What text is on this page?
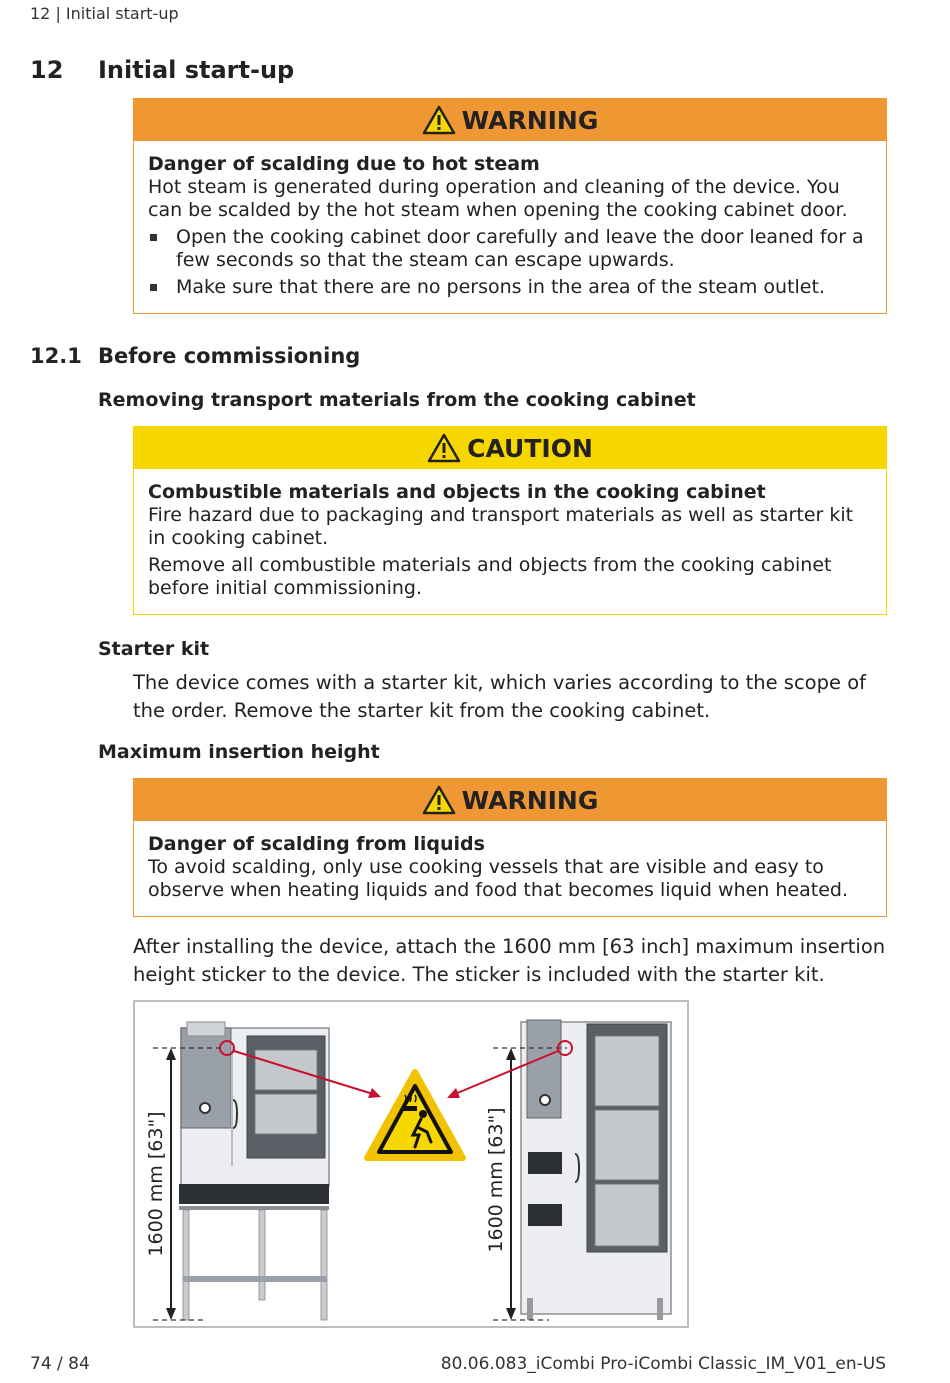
12 | Initial start-up
12 Initial start-up
WARNING
Danger of scalding due to hot steam

Hot steam is generated during operation and cleaning of the device. You can be scalded by the hot steam when opening the cooking cabinet door.

Open the cooking cabinet door carefully and leave the door leaned for a few seconds so that the steam can escape upwards.
Make sure that there are no persons in the area of the steam outlet.
12.1 Before commissioning
Removing transport materials from the cooking cabinet
CAUTION
Combustible materials and objects in the cooking cabinet

Fire hazard due to packaging and transport materials as well as starter kit in cooking cabinet.

Remove all combustible materials and objects from the cooking cabinet before initial commissioning.

Starter kit
The device comes with a starter kit, which varies according to the scope of the order. Remove the starter kit from the cooking cabinet.
Maximum insertion height
WARNING
Danger of scalding from liquids

To avoid scalding, only use cooking vessels that are visible and easy to observe when heating liquids and food that becomes liquid when heated.

After installing the device, attach the 1600 mm [63 inch] maximum insertion height sticker to the device. The sticker is included with the starter kit.
1600 mm [63"]	1600 mm [63"]
74 / 84	80.06.083_iCombi Pro-iCombi Classic_IM_V01_en-US
